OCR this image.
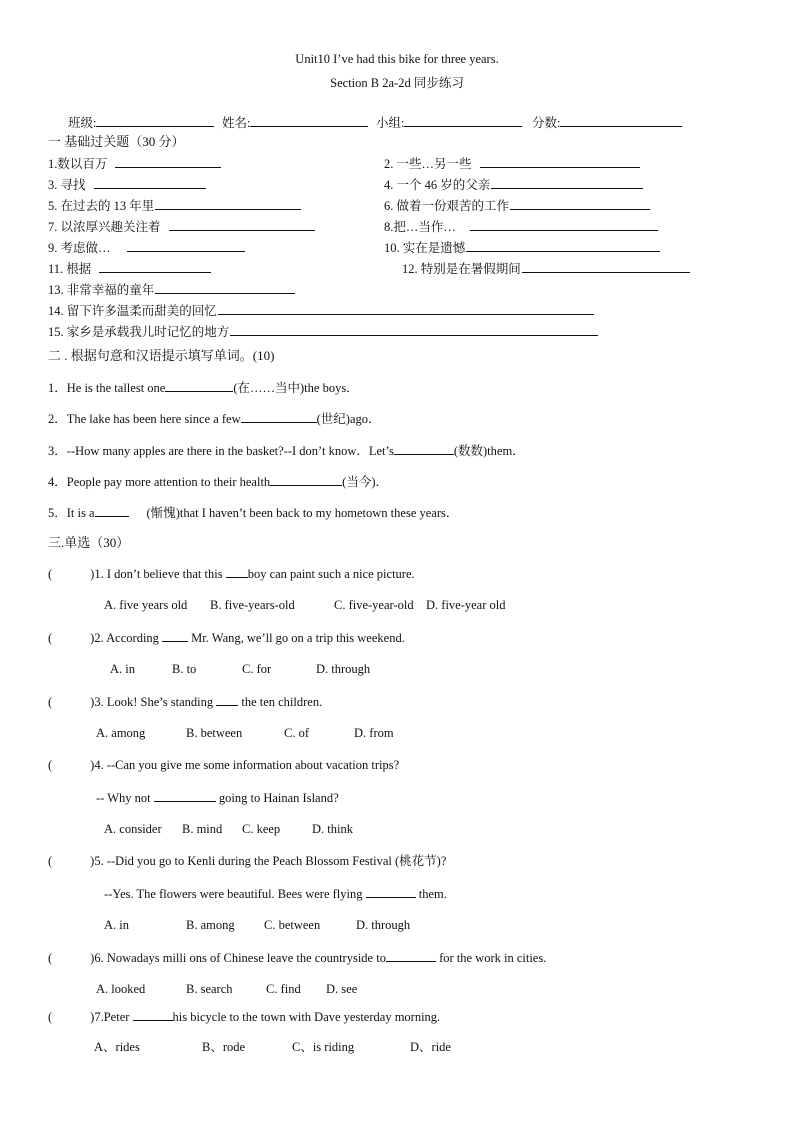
Unit10 I’ve had this bike for three years.
Section B 2a-2d 同步练习
班级:	姓名:	小组:	分数:
一 基础过关题（30 分）
1.数以百万	2. 一些…另一些
3. 寻找	4. 一个 46 岁的父亲
5. 在过去的 13 年里	6. 做着一份艰苦的工作
7. 以浓厚兴趣关注着	8.把…当作…
9. 考虑做…	10. 实在是遗憾
11. 根据	12. 特别是在暑假期间
13. 非常幸福的童年
14. 留下许多温柔而甜美的回忆
15. 家乡是承载我儿时记忆的地方
二 . 根据句意和汉语提示填写单词。(10)
1．He is the tallest one	(在……当中)the boys．
2．The lake has been here since a few	(世纪)ago．
3．--How many apples are there in the basket?--I don’t know．Let’s	(数数)them．
4．People pay more attention to their health	(当今)．
5．It is a	(惭愧)that I haven’t been back to my hometown these years．
三.单选（30）
(	)1. I don’t believe that this boy can paint such a nice picture.
A. five years old B. five-years-old	C. five-year-old D. five-year old
(	)2. According	Mr. Wang, we’ll go on a trip this weekend.
A. in	B. to	C. for	D. through
(	)3. Look! She’s standing the ten children.
A. among	B. between	C. of	D. from
(	)4. --Can you give me some information about vacation trips?
-- Why not	going to Hainan Island?
A. consider B. mind C. keep	D. think
(	)5. --Did you go to Kenli during the Peach Blossom Festival (桃花节)?
--Yes. The flowers were beautiful. Bees were flying	them.
A. in	B. among C. between	D. through
(	)6. Nowadays milli ons of Chinese leave the countryside to	for the work in cities.
A. looked	B. search	C. find D. see
(	)7.Peter	his bicycle to the town with Dave yesterday morning.
A、rides	B、rode	C、is riding	D、ride
